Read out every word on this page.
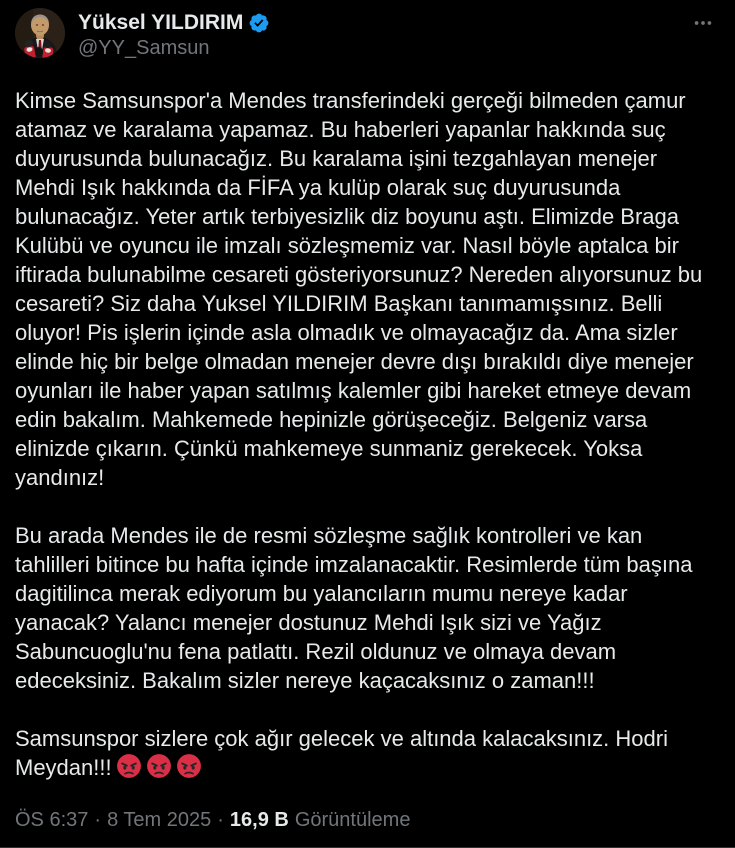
Yüksel YILDIRIM
@YY_Samsun

Kimse Samsunspor'a Mendes transferindeki gerçeği bilmeden çamur atamaz ve karalama yapamaz. Bu haberleri yapanlar hakkında suç duyurusunda bulunacağız. Bu karalama işini tezgahlayan menejer Mehdi Işık hakkında da FİFA ya kulüp olarak suç duyurusunda bulunacağız. Yeter artık terbiyesizlik diz boyunu aştı. Elimizde Braga Kulübü ve oyuncu ile imzalı sözleşmemiz var. Nasıl böyle aptalca bir iftirada bulunabilme cesareti gösteriyorsunuz? Nereden alıyorsunuz bu cesareti? Siz daha Yuksel YILDIRIM Başkanı tanımamışsınız. Belli oluyor! Pis işlerin içinde asla olmadık ve olmayacağız da. Ama sizler elinde hiç bir belge olmadan menejer devre dışı bırakıldı diye menejer oyunları ile haber yapan satılmış kalemler gibi hareket etmeye devam edin bakalım. Mahkemede hepinizle görüşeceğiz. Belgeniz varsa elinizde çıkarın. Çünkü mahkemeye sunmaniz gerekecek. Yoksa yandınız!

Bu arada Mendes ile de resmi sözleşme sağlık kontrolleri ve kan tahlilleri bitince bu hafta içinde imzalanacaktir. Resimlerde tüm başına dagitilinca merak ediyorum bu yalancıların mumu nereye kadar yanacak? Yalancı menejer dostunuz Mehdi Işık sizi ve Yağız Sabuncuoglu'nu fena patlattı. Rezil oldunuz ve olmaya devam edeceksiniz. Bakalım sizler nereye kaçacaksınız o zaman!!!

Samsunspor sizlere çok ağır gelecek ve altında kalacaksınız. Hodri Meydan!!!

ÖS 6:37 · 8 Tem 2025 · 16,9 B Görüntüleme
